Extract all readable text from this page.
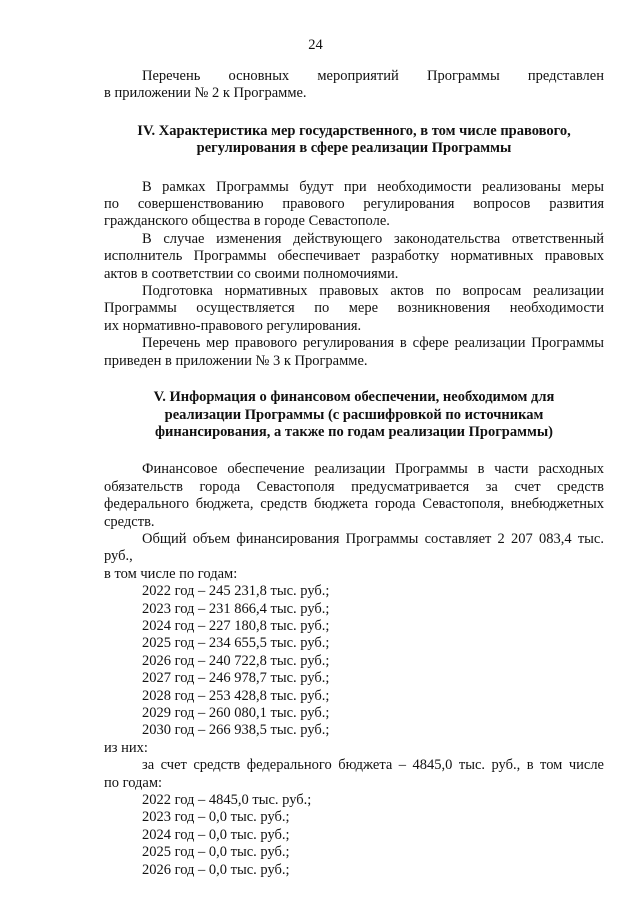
24

Перечень основных мероприятий Программы представлен

в приложении № 2 к Программе.

IV. Характеристика мер государственного, в том числе правового,
регулирования в сфере реализации Программы

В рамках Программы будут при необходимости реализованы меры

по совершенствованию правового регулирования вопросов развития

гражданского общества в городе Севастополе.

В случае изменения действующего законодательства ответственный

исполнитель Программы обеспечивает разработку нормативных правовых

актов в соответствии со своими полномочиями.

Подготовка нормативных правовых актов по вопросам реализации

Программы осуществляется по мере возникновения необходимости

их нормативно-правового регулирования.

Перечень мер правового регулирования в сфере реализации Программы

приведен в приложении № 3 к Программе.

V. Информация о финансовом обеспечении, необходимом для
реализации Программы (с расшифровкой по источникам
финансирования, а также по годам реализации Программы)

Финансовое обеспечение реализации Программы в части расходных

обязательств города Севастополя предусматривается за счет средств

федерального бюджета, средств бюджета города Севастополя, внебюджетных

средств.

Общий объем финансирования Программы составляет 2 207 083,4 тыс. руб.,

в том числе по годам:

2022 год – 245 231,8 тыс. руб.;

2023 год – 231 866,4 тыс. руб.;

2024 год – 227 180,8 тыс. руб.;

2025 год – 234 655,5 тыс. руб.;

2026 год – 240 722,8 тыс. руб.;

2027 год – 246 978,7 тыс. руб.;

2028 год – 253 428,8 тыс. руб.;

2029 год – 260 080,1 тыс. руб.;

2030 год – 266 938,5 тыс. руб.;

из них:

за счет средств федерального бюджета – 4845,0 тыс. руб., в том числе

по годам:

2022 год – 4845,0 тыс. руб.;

2023 год – 0,0 тыс. руб.;

2024 год – 0,0 тыс. руб.;

2025 год – 0,0 тыс. руб.;

2026 год – 0,0 тыс. руб.;
